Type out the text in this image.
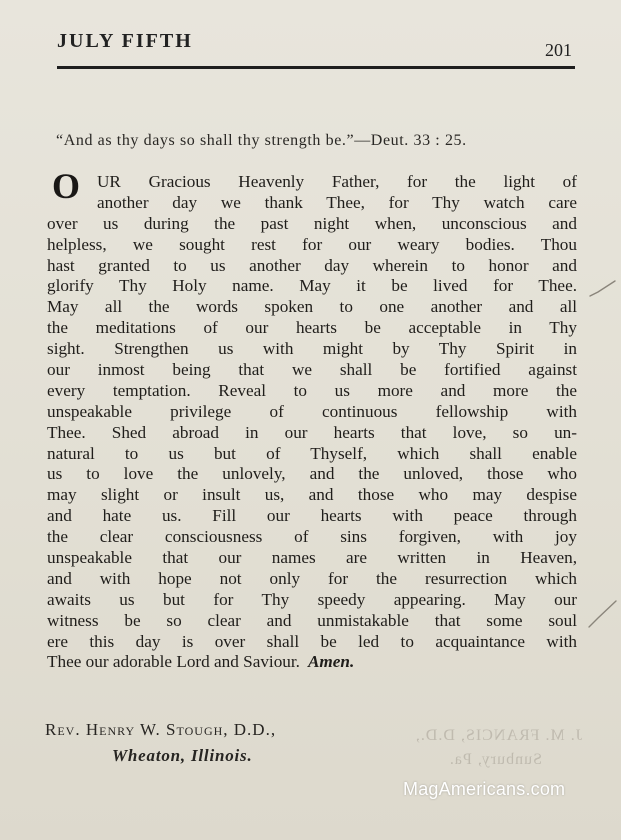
JULY FIFTH	201
“And as thy days so shall thy strength be.”—Deut. 33 : 25.
O UR Gracious Heavenly Father, for the light of
another day we thank Thee, for Thy watch care
over us during the past night when, unconscious and
helpless, we sought rest for our weary bodies. Thou
hast granted to us another day wherein to honor and
glorify Thy Holy name. May it be lived for Thee.
May all the words spoken to one another and all
the meditations of our hearts be acceptable in Thy
sight. Strengthen us with might by Thy Spirit in
our inmost being that we shall be fortified against
every temptation. Reveal to us more and more the
unspeakable privilege of continuous fellowship with
Thee. Shed abroad in our hearts that love, so un-
natural to us but of Thyself, which shall enable
us to love the unlovely, and the unloved, those who
may slight or insult us, and those who may despise
and hate us. Fill our hearts with peace through
the clear consciousness of sins forgiven, with joy
unspeakable that our names are written in Heaven,
and with hope not only for the resurrection which
awaits us but for Thy speedy appearing. May our
witness be so clear and unmistakable that some soul
ere this day is over shall be led to acquaintance with
Thee our adorable Lord and Saviour. Amen.
J. M. FRANCIS, D.D.,
Sunbury, Pa.
Rev. Henry W. Stough, D.D.,
Wheaton, Illinois.
MagAmericans.com
